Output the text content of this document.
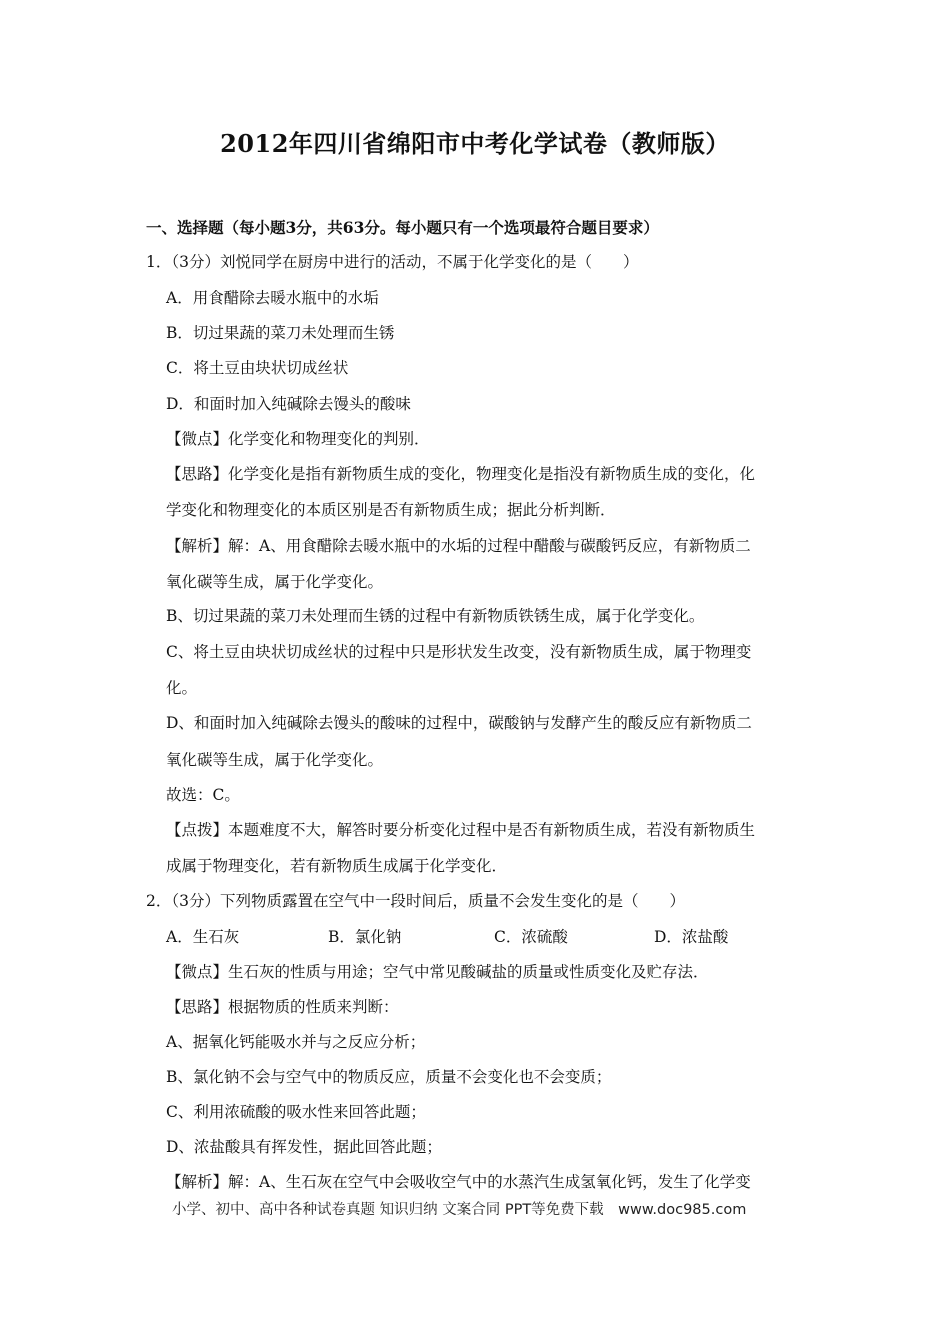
2012年四川省绵阳市中考化学试卷（教师版）
一、选择题（每小题3分，共63分。每小题只有一个选项最符合题目要求）
1．（3分）刘悦同学在厨房中进行的活动，不属于化学变化的是（　　）
A．用食醋除去暖水瓶中的水垢
B．切过果蔬的菜刀未处理而生锈
C．将土豆由块状切成丝状
D．和面时加入纯碱除去馒头的酸味
【微点】化学变化和物理变化的判别．
【思路】化学变化是指有新物质生成的变化，物理变化是指没有新物质生成的变化，化
学变化和物理变化的本质区别是否有新物质生成；据此分析判断．
【解析】解：A、用食醋除去暖水瓶中的水垢的过程中醋酸与碳酸钙反应，有新物质二
氧化碳等生成，属于化学变化。
B、切过果蔬的菜刀未处理而生锈的过程中有新物质铁锈生成，属于化学变化。
C、将土豆由块状切成丝状的过程中只是形状发生改变，没有新物质生成，属于物理变
化。
D、和面时加入纯碱除去馒头的酸味的过程中，碳酸钠与发酵产生的酸反应有新物质二
氧化碳等生成，属于化学变化。
故选：C。
【点拨】本题难度不大，解答时要分析变化过程中是否有新物质生成，若没有新物质生
成属于物理变化，若有新物质生成属于化学变化．
2．（3分）下列物质露置在空气中一段时间后，质量不会发生变化的是（　　）
A．生石灰	B．氯化钠	C．浓硫酸	D．浓盐酸
【微点】生石灰的性质与用途；空气中常见酸碱盐的质量或性质变化及贮存法．
【思路】根据物质的性质来判断：
A、据氧化钙能吸水并与之反应分析；
B、氯化钠不会与空气中的物质反应，质量不会变化也不会变质；
C、利用浓硫酸的吸水性来回答此题；
D、浓盐酸具有挥发性，据此回答此题；
【解析】解：A、生石灰在空气中会吸收空气中的水蒸汽生成氢氧化钙，发生了化学变
小学、初中、高中各种试卷真题 知识归纳 文案合同 PPT等免费下载　www.doc985.com
